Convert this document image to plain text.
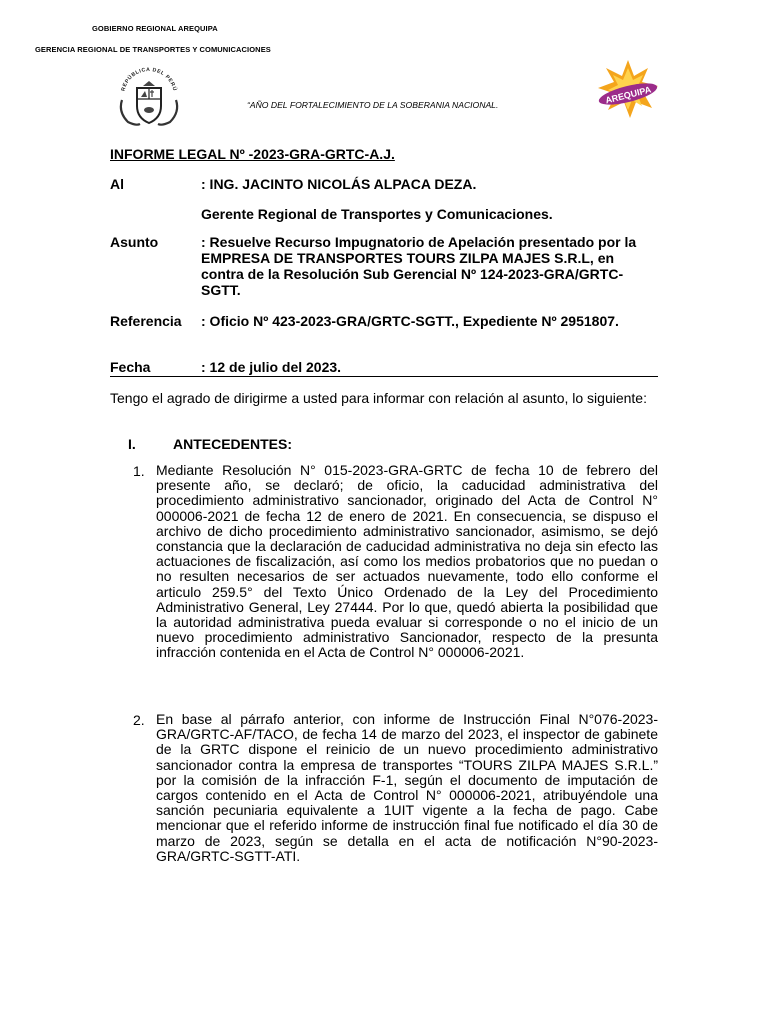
GOBIERNO REGIONAL AREQUIPA
GERENCIA REGIONAL DE TRANSPORTES Y COMUNICACIONES
REPÚBLICA DEL PERÚ
“AÑO DEL FORTALECIMIENTO DE LA SOBERANIA NACIONAL.	AREQUIPA
INFORME LEGAL Nº -2023-GRA-GRTC-A.J.
Al	: ING. JACINTO NICOLÁS ALPACA DEZA.
Gerente Regional de Transportes y Comunicaciones.
Asunto	: Resuelve Recurso Impugnatorio de Apelación presentado por la EMPRESA DE TRANSPORTES TOURS ZILPA MAJES S.R.L, en contra de la Resolución Sub Gerencial Nº 124-2023-GRA/GRTC-SGTT.
Referencia : Oficio Nº 423-2023-GRA/GRTC-SGTT., Expediente Nº 2951807.
Fecha	: 12 de julio del 2023.
Tengo el agrado de dirigirme a usted para informar con relación al asunto, lo siguiente:
I.	ANTECEDENTES:
1. Mediante Resolución N° 015-2023-GRA-GRTC de fecha 10 de febrero del presente año, se declaró; de oficio, la caducidad administrativa del procedimiento administrativo sancionador, originado del Acta de Control N° 000006-2021 de fecha 12 de enero de 2021. En consecuencia, se dispuso el archivo de dicho procedimiento administrativo sancionador, asimismo, se dejó constancia que la declaración de caducidad administrativa no deja sin efecto las actuaciones de fiscalización, así como los medios probatorios que no puedan o no resulten necesarios de ser actuados nuevamente, todo ello conforme el articulo 259.5° del Texto Único Ordenado de la Ley del Procedimiento Administrativo General, Ley 27444. Por lo que, quedó abierta la posibilidad que la autoridad administrativa pueda evaluar si corresponde o no el inicio de un nuevo procedimiento administrativo Sancionador, respecto de la presunta infracción contenida en el Acta de Control N° 000006-2021.
2. En base al párrafo anterior, con informe de Instrucción Final N°076-2023-GRA/GRTC-AF/TACO, de fecha 14 de marzo del 2023, el inspector de gabinete de la GRTC dispone el reinicio de un nuevo procedimiento administrativo sancionador contra la empresa de transportes “TOURS ZILPA MAJES S.R.L.” por la comisión de la infracción F-1, según el documento de imputación de cargos contenido en el Acta de Control N° 000006-2021, atribuyéndole una sanción pecuniaria equivalente a 1UIT vigente a la fecha de pago. Cabe mencionar que el referido informe de instrucción final fue notificado el día 30 de marzo de 2023, según se detalla en el acta de notificación N°90-2023-GRA/GRTC-SGTT-ATI.
